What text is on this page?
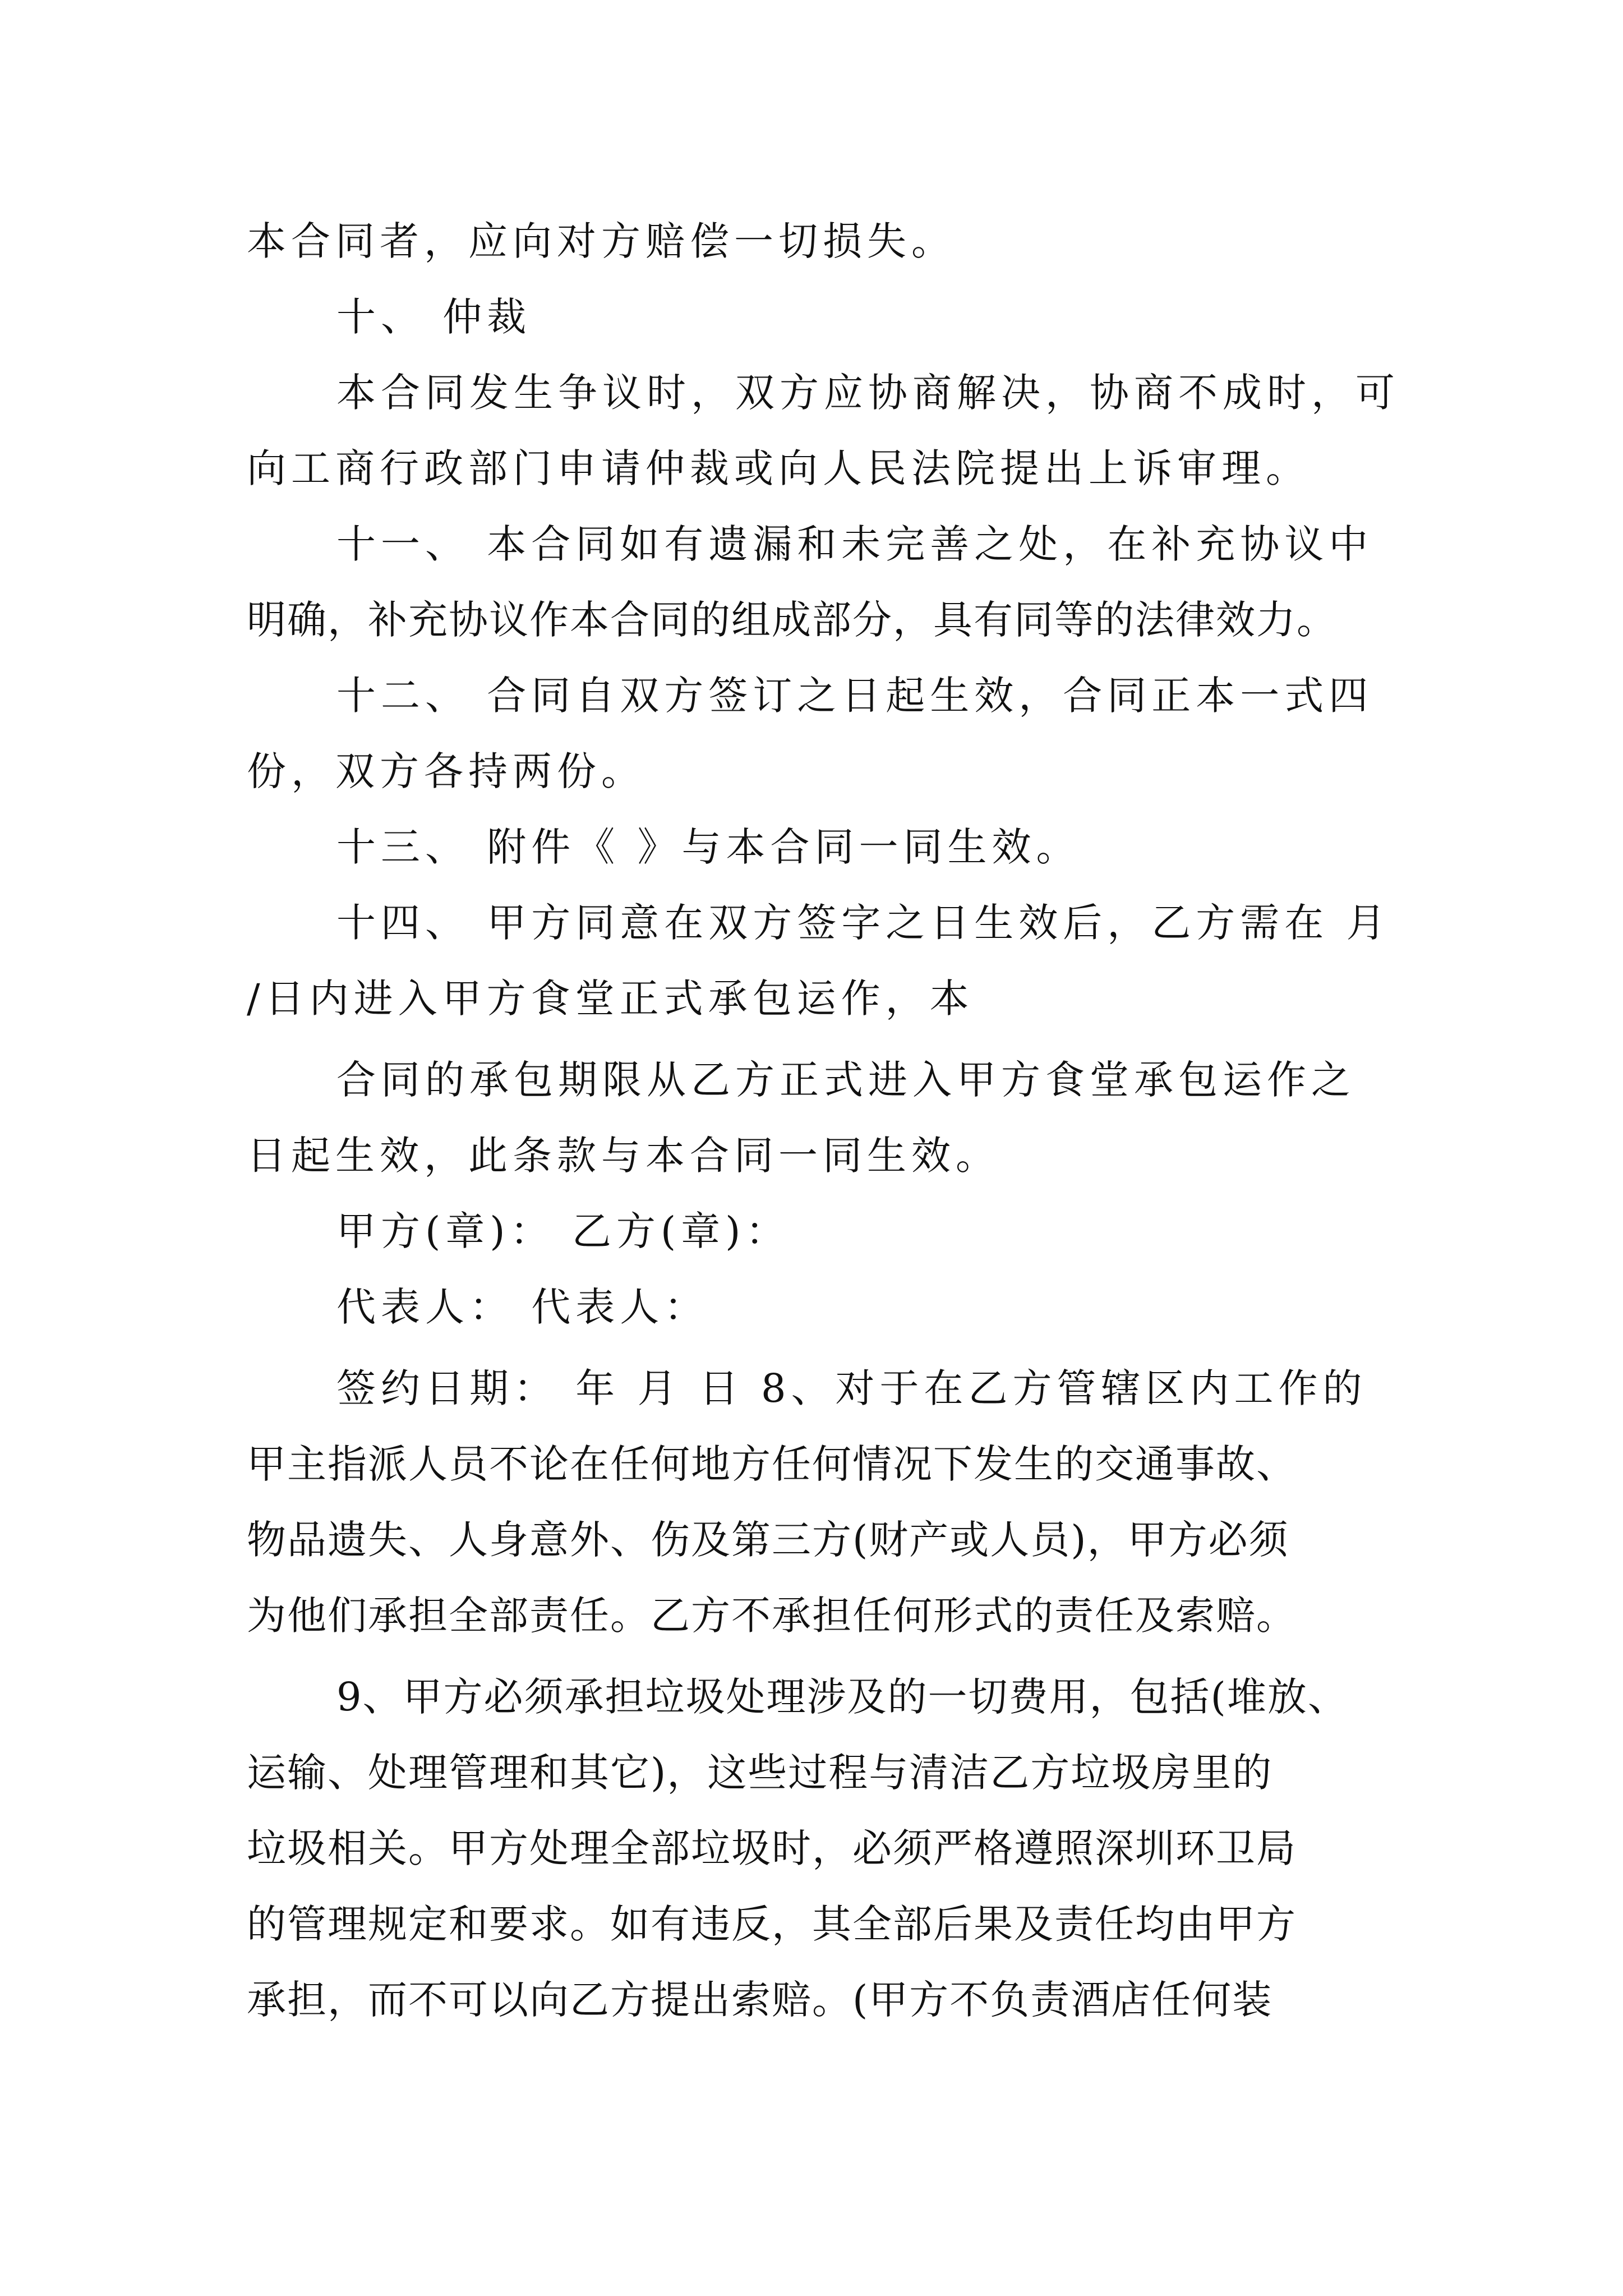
本合同者，应向对方赔偿一切损失。
十、 仲裁
本合同发生争议时，双方应协商解决，协商不成时，可
向工商行政部门申请仲裁或向人民法院提出上诉审理。
十一、 本合同如有遗漏和未完善之处，在补充协议中
明确，补充协议作本合同的组成部分，具有同等的法律效力。
十二、 合同自双方签订之日起生效，合同正本一式四
份，双方各持两份。
十三、 附件《 》与本合同一同生效。
十四、 甲方同意在双方签字之日生效后，乙方需在 月
/日内进入甲方食堂正式承包运作，本
合同的承包期限从乙方正式进入甲方食堂承包运作之
日起生效，此条款与本合同一同生效。
甲方(章)： 乙方(章)：
代表人： 代表人：
签约日期： 年 月 日 8、对于在乙方管辖区内工作的
甲主指派人员不论在任何地方任何情况下发生的交通事故、
物品遗失、人身意外、伤及第三方(财产或人员)，甲方必须
为他们承担全部责任。乙方不承担任何形式的责任及索赔。
9、甲方必须承担垃圾处理涉及的一切费用，包括(堆放、
运输、处理管理和其它)，这些过程与清洁乙方垃圾房里的
垃圾相关。甲方处理全部垃圾时，必须严格遵照深圳环卫局
的管理规定和要求。如有违反，其全部后果及责任均由甲方
承担，而不可以向乙方提出索赔。(甲方不负责酒店任何装
